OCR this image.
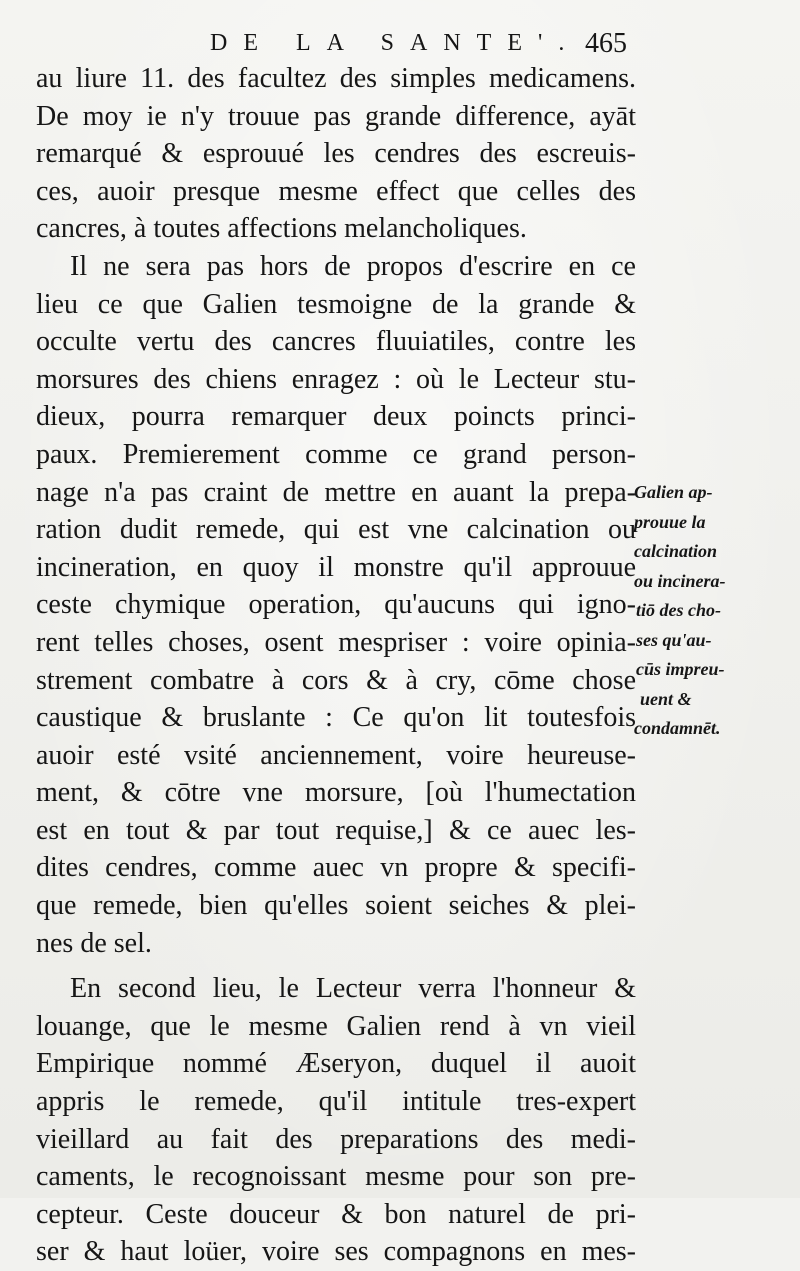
DE LA SANTE'. 465
au liure 11. des facultez des simples medicamens.
De moy ie n'y trouue pas grande difference, ayāt
remarqué & esprouué les cendres des escreuis-
ces, auoir presque mesme effect que celles des
cancres, à toutes affections melancholiques.
Il ne sera pas hors de propos d'escrire en ce
lieu ce que Galien tesmoigne de la grande &
occulte vertu des cancres fluuiatiles, contre les
morsures des chiens enragez : où le Lecteur stu-
dieux, pourra remarquer deux poincts princi-
paux. Premierement comme ce grand person-
nage n'a pas craint de mettre en auant la prepa-
ration dudit remede, qui est vne calcination ou
incineration, en quoy il monstre qu'il approuue
ceste chymique operation, qu'aucuns qui igno-
rent telles choses, osent mespriser : voire opinia-
strement combatre à cors & à cry, cōme chose
caustique & bruslante : Ce qu'on lit toutesfois
auoir esté vsité anciennement, voire heureuse-
ment, & cōtre vne morsure, [où l'humectation
est en tout & par tout requise,] & ce auec les-
dites cendres, comme auec vn propre & specifi-
que remede, bien qu'elles soient seiches & plei-
nes de sel.
En second lieu, le Lecteur verra l'honneur &
louange, que le mesme Galien rend à vn vieil
Empirique nommé Æseryon, duquel il auoit
appris le remede, qu'il intitule tres-expert
vieillard au fait des preparations des medi-
caments, le recognoissant mesme pour son pre-
cepteur. Ceste douceur & bon naturel de pri-
ser & haut loüer, voire ses compagnons en mes-
Galien ap-
prouue la
calcination
ou incinera-
tiō des cho-
ses qu'au-
cūs impreu-
uent &
condamnēt.
